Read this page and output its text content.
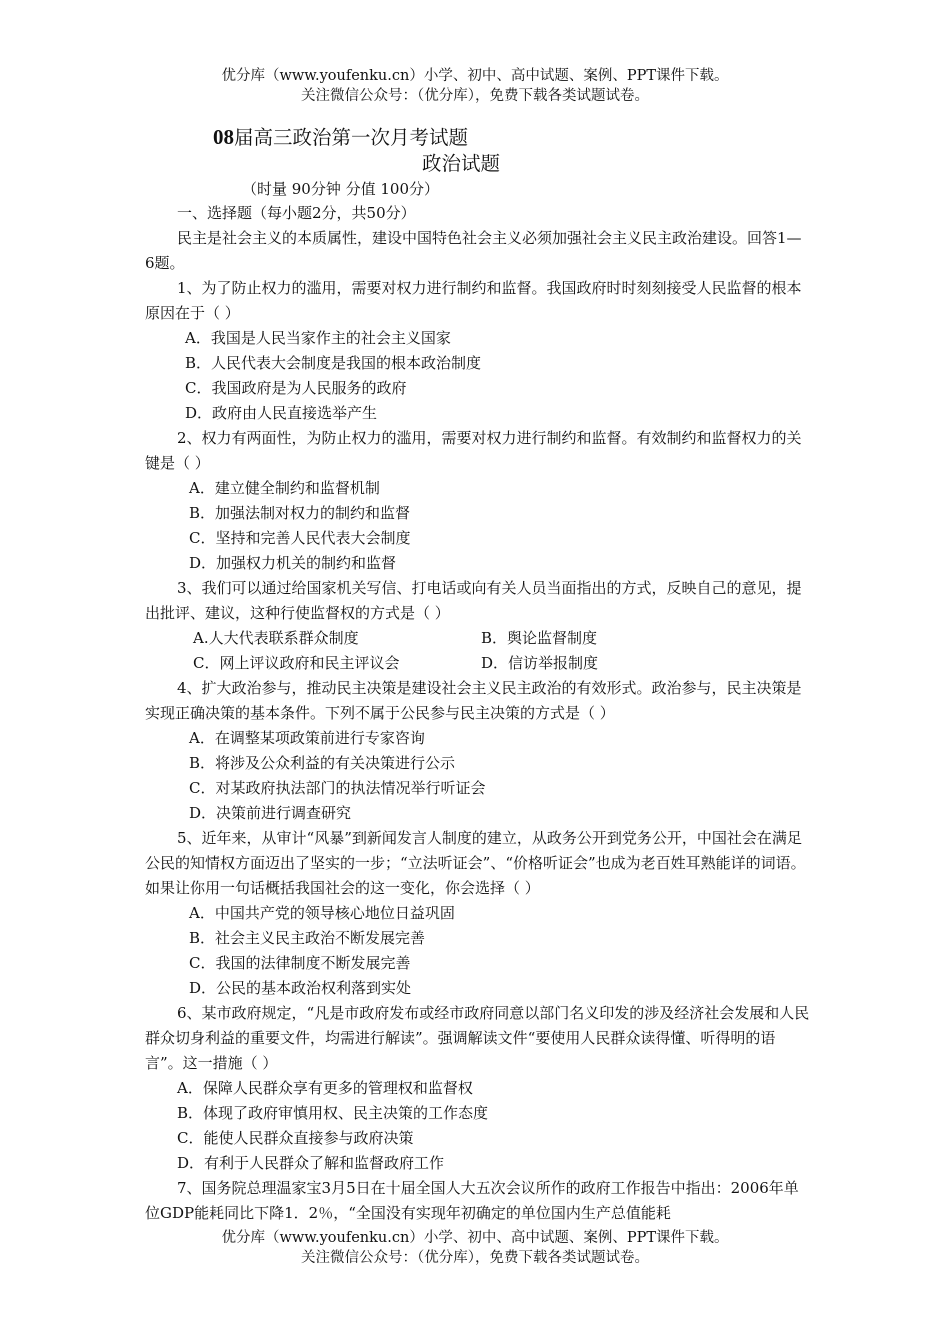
优分库（www.youfenku.cn）小学、初中、高中试题、案例、PPT课件下载。
关注微信公众号：（优分库），免费下载各类试题试卷。
08届高三政治第一次月考试题
政治试题
（时量 90分钟 分值 100分）

一、选择题（每小题2分，共50分）

民主是社会主义的本质属性，建设中国特色社会主义必须加强社会主义民主政治建设。回答1—6题。

1、为了防止权力的滥用，需要对权力进行制约和监督。我国政府时时刻刻接受人民监督的根本原因在于（ ）

A．我国是人民当家作主的社会主义国家

B．人民代表大会制度是我国的根本政治制度

C．我国政府是为人民服务的政府

D．政府由人民直接选举产生

2、权力有两面性，为防止权力的滥用，需要对权力进行制约和监督。有效制约和监督权力的关键是（ ）

A．建立健全制约和监督机制

B．加强法制对权力的制约和监督

C．坚持和完善人民代表大会制度

D．加强权力机关的制约和监督

3、我们可以通过给国家机关写信、打电话或向有关人员当面指出的方式，反映自己的意见，提出批评、建议，这种行使监督权的方式是（ ）

A.人大代表联系群众制度	B．舆论监督制度
C．网上评议政府和民主评议会	D．信访举报制度

4、扩大政治参与，推动民主决策是建设社会主义民主政治的有效形式。政治参与，民主决策是实现正确决策的基本条件。下列不属于公民参与民主决策的方式是（ ）

A．在调整某项政策前进行专家咨询

B．将涉及公众利益的有关决策进行公示

C．对某政府执法部门的执法情况举行听证会

D．决策前进行调查研究

5、近年来，从审计“风暴”到新闻发言人制度的建立，从政务公开到党务公开，中国社会在满足公民的知情权方面迈出了坚实的一步；“立法听证会”、“价格听证会”也成为老百姓耳熟能详的词语。如果让你用一句话概括我国社会的这一变化，你会选择（ ）

A．中国共产党的领导核心地位日益巩固

B．社会主义民主政治不断发展完善

C．我国的法律制度不断发展完善

D．公民的基本政治权利落到实处

6、某市政府规定，“凡是市政府发布或经市政府同意以部门名义印发的涉及经济社会发展和人民群众切身利益的重要文件，均需进行解读”。强调解读文件“要使用人民群众读得懂、听得明的语言”。这一措施（ ）

A．保障人民群众享有更多的管理权和监督权

B．体现了政府审慎用权、民主决策的工作态度

C．能使人民群众直接参与政府决策

D．有利于人民群众了解和监督政府工作

7、国务院总理温家宝3月5日在十届全国人大五次会议所作的政府工作报告中指出：2006年单位GDP能耗同比下降1．2％，“全国没有实现年初确定的单位国内生产总值能耗

优分库（www.youfenku.cn）小学、初中、高中试题、案例、PPT课件下载。
关注微信公众号：（优分库），免费下载各类试题试卷。
